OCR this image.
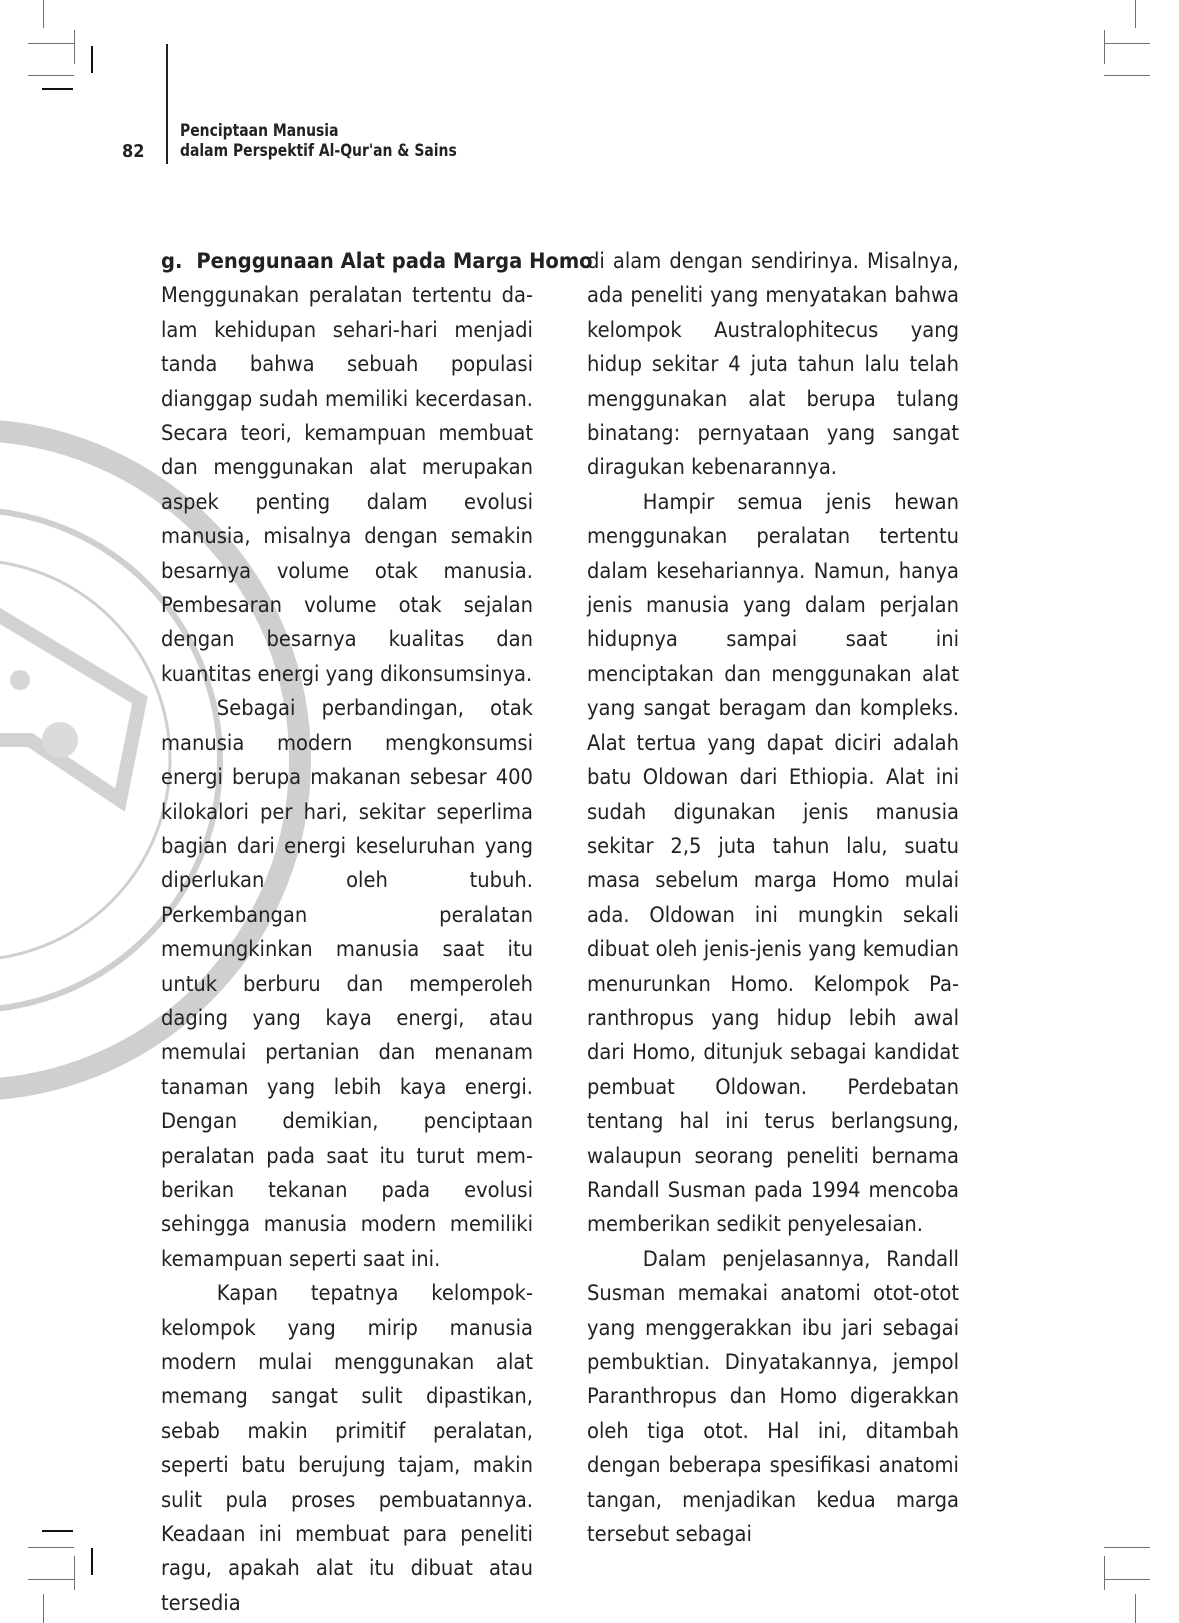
82
Penciptaan Manusia
dalam Perspektif Al-Qur'an & Sains
g. Penggunaan Alat pada Marga Homo

Menggunakan peralatan tertentu dalam kehidupan sehari-hari menjadi tanda bahwa sebuah populasi dianggap sudah memiliki kecerdasan. Secara teori, kemampuan membuat dan menggunakan alat merupakan aspek penting dalam evolusi manusia, misalnya dengan semakin besarnya volume otak manusia. Pembesaran volume otak sejalan dengan besarnya kualitas dan kuantitas energi yang dikonsumsinya.

Sebagai perbandingan, otak manusia modern mengkonsumsi energi berupa makanan sebesar 400 kilokalori per hari, sekitar seperlima bagian dari energi keseluruhan yang diperlukan oleh tubuh. Perkembangan peralatan memungkinkan manusia saat itu untuk berburu dan memperoleh daging yang kaya energi, atau memulai pertanian dan menanam tanaman yang lebih kaya energi. Dengan demikian, penciptaan peralatan pada saat itu turut memberikan tekanan pada evolusi sehingga manusia modern memiliki kemampuan seperti saat ini.

Kapan tepatnya kelompok-kelompok yang mirip manusia modern mulai menggunakan alat memang sangat sulit dipastikan, sebab makin primitif peralatan, seperti batu berujung tajam, makin sulit pula proses pembuatannya. Keadaan ini membuat para peneliti ragu, apakah alat itu dibuat atau tersedia

di alam dengan sendirinya. Misalnya, ada peneliti yang menyatakan bahwa kelompok Australophitecus yang hidup sekitar 4 juta tahun lalu telah menggunakan alat berupa tulang binatang: pernyataan yang sangat diragukan kebenarannya.

Hampir semua jenis hewan menggunakan peralatan tertentu dalam kesehariannya. Namun, hanya jenis manusia yang dalam perjalan hidupnya sampai saat ini menciptakan dan menggunakan alat yang sangat beragam dan kompleks. Alat tertua yang dapat diciri adalah batu Oldowan dari Ethiopia. Alat ini sudah digunakan jenis manusia sekitar 2,5 juta tahun lalu, suatu masa sebelum marga Homo mulai ada. Oldowan ini mungkin sekali dibuat oleh jenis-jenis yang kemudian menurunkan Homo. Kelompok Paranthropus yang hidup lebih awal dari Homo, ditunjuk sebagai kandidat pembuat Oldowan. Perdebatan tentang hal ini terus berlangsung, walaupun seorang peneliti bernama Randall Susman pada 1994 mencoba memberikan sedikit penyelesaian.

Dalam penjelasannya, Randall Susman memakai anatomi otot-otot yang menggerakkan ibu jari sebagai pembuktian. Dinyatakannya, jempol Paranthropus dan Homo digerakkan oleh tiga otot. Hal ini, ditambah dengan beberapa spesifikasi anatomi tangan, menjadikan kedua marga tersebut sebagai
